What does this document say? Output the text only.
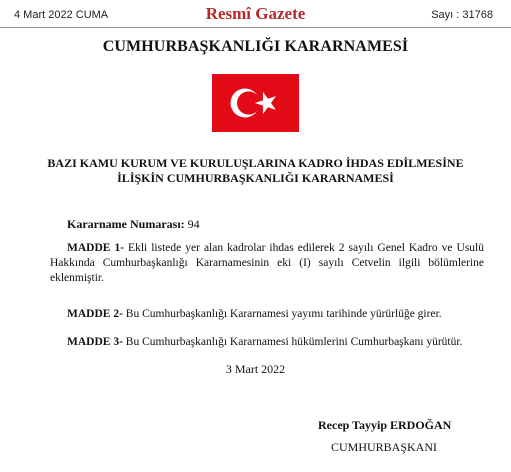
4 Mart 2022 CUMA	Resmî Gazete	Sayı : 31768
CUMHURBAŞKANLIĞI KARARNAMESİ
BAZI KAMU KURUM VE KURULUŞLARINA KADRO İHDAS EDİLMESİNE
İLİŞKİN CUMHURBAŞKANLIĞI KARARNAMESİ
Kararname Numarası: 94
MADDE 1- Ekli listede yer alan kadrolar ihdas edilerek 2 sayılı Genel Kadro ve Usulü Hakkında Cumhurbaşkanlığı Kararnamesinin eki (I) sayılı Cetvelin ilgili bölümlerine eklenmiştir.
MADDE 2- Bu Cumhurbaşkanlığı Kararnamesi yayımı tarihinde yürürlüğe girer.
MADDE 3- Bu Cumhurbaşkanlığı Kararnamesi hükümlerini Cumhurbaşkanı yürütür.
3 Mart 2022
Recep Tayyip ERDOĞAN
CUMHURBAŞKANI
